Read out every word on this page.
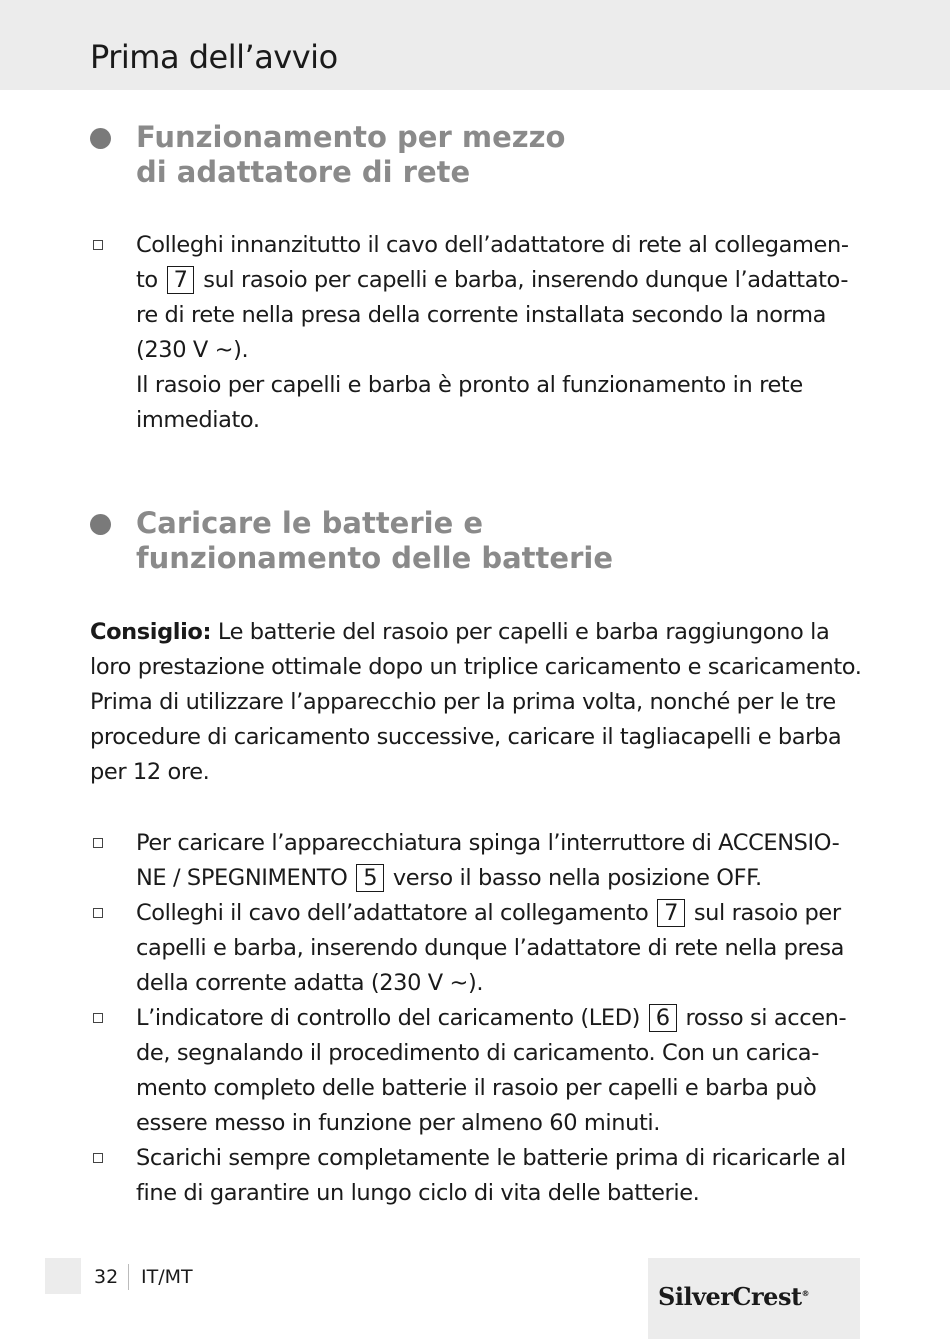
Prima dell’avvio
Funzionamento per mezzo
di adattatore di rete
Colleghi innanzitutto il cavo dell’adattatore di rete al collegamen-to 7 sul rasoio per capelli e barba, inserendo dunque l’adattato-re di rete nella presa della corrente installata secondo la norma (230 V ~).
Il rasoio per capelli e barba è pronto al funzionamento in rete immediato.
Caricare le batterie e
funzionamento delle batterie

Consiglio: Le batterie del rasoio per capelli e barba raggiungono la loro prestazione ottimale dopo un triplice caricamento e scaricamento. Prima di utilizzare l’apparecchio per la prima volta, nonché per le tre procedure di caricamento successive, caricare il tagliacapelli e barba per 12 ore.

Per caricare l’apparecchiatura spinga l’interruttore di ACCENSIO-NE / SPEGNIMENTO 5 verso il basso nella posizione OFF.
Colleghi il cavo dell’adattatore al collegamento 7 sul rasoio per capelli e barba, inserendo dunque l’adattatore di rete nella presa della corrente adatta (230 V ~).
L’indicatore di controllo del caricamento (LED) 6 rosso si accen-de, segnalando il procedimento di caricamento. Con un carica-mento completo delle batterie il rasoio per capelli e barba può essere messo in funzione per almeno 60 minuti.
Scarichi sempre completamente le batterie prima di ricaricarle al fine di garantire un lungo ciclo di vita delle batterie.
32	IT/MT
SilverCrest®
